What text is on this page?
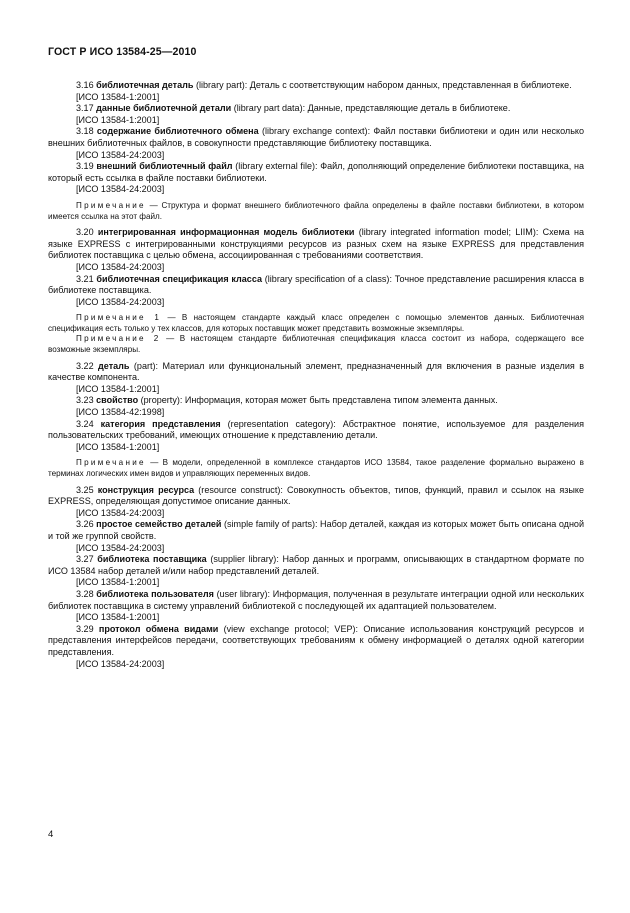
ГОСТ Р ИСО 13584-25—2010

3.16 библиотечная деталь (library part): Деталь с соответствующим набором данных, представленная в библиотеке.

[ИСО 13584-1:2001]

3.17 данные библиотечной детали (library part data): Данные, представляющие деталь в библиотеке.

[ИСО 13584-1:2001]

3.18 содержание библиотечного обмена (library exchange context): Файл поставки библиотеки и один или несколько внешних библиотечных файлов, в совокупности представляющие библиотеку поставщика.

[ИСО 13584-24:2003]

3.19 внешний библиотечный файл (library external file): Файл, дополняющий определение библиотеки поставщика, на который есть ссылка в файле поставки библиотеки.

[ИСО 13584-24:2003]

Примечание — Структура и формат внешнего библиотечного файла определены в файле поставки библиотеки, в котором имеется ссылка на этот файл.

3.20 интегрированная информационная модель библиотеки (library integrated information model; LIIM): Схема на языке EXPRESS с интегрированными конструкциями ресурсов из разных схем на языке EXPRESS для представления библиотек поставщика с целью обмена, ассоциированная с требованиями соответствия.

[ИСО 13584-24:2003]

3.21 библиотечная спецификация класса (library specification of a class): Точное представление расширения класса в библиотеке поставщика.

[ИСО 13584-24:2003]

Примечание 1 — В настоящем стандарте каждый класс определен с помощью элементов данных. Библиотечная спецификация есть только у тех классов, для которых поставщик может представить возможные экземпляры.

Примечание 2 — В настоящем стандарте библиотечная спецификация класса состоит из набора, содержащего все возможные экземпляры.

3.22 деталь (part): Материал или функциональный элемент, предназначенный для включения в разные изделия в качестве компонента.

[ИСО 13584-1:2001]

3.23 свойство (property): Информация, которая может быть представлена типом элемента данных.

[ИСО 13584-42:1998]

3.24 категория представления (representation category): Абстрактное понятие, используемое для разделения пользовательских требований, имеющих отношение к представлению детали.

[ИСО 13584-1:2001]

Примечание — В модели, определенной в комплексе стандартов ИСО 13584, такое разделение формально выражено в терминах логических имен видов и управляющих переменных видов.

3.25 конструкция ресурса (resource construct): Совокупность объектов, типов, функций, правил и ссылок на языке EXPRESS, определяющая допустимое описание данных.

[ИСО 13584-24:2003]

3.26 простое семейство деталей (simple family of parts): Набор деталей, каждая из которых может быть описана одной и той же группой свойств.

[ИСО 13584-24:2003]

3.27 библиотека поставщика (supplier library): Набор данных и программ, описывающих в стандартном формате по ИСО 13584 набор деталей и/или набор представлений деталей.

[ИСО 13584-1:2001]

3.28 библиотека пользователя (user library): Информация, полученная в результате интеграции одной или нескольких библиотек поставщика в систему управлений библиотекой с последующей их адаптацией пользователем.

[ИСО 13584-1:2001]

3.29 протокол обмена видами (view exchange protocol; VEP): Описание использования конструкций ресурсов и представления интерфейсов передачи, соответствующих требованиям к обмену информацией о деталях одной категории представления.

[ИСО 13584-24:2003]

4
